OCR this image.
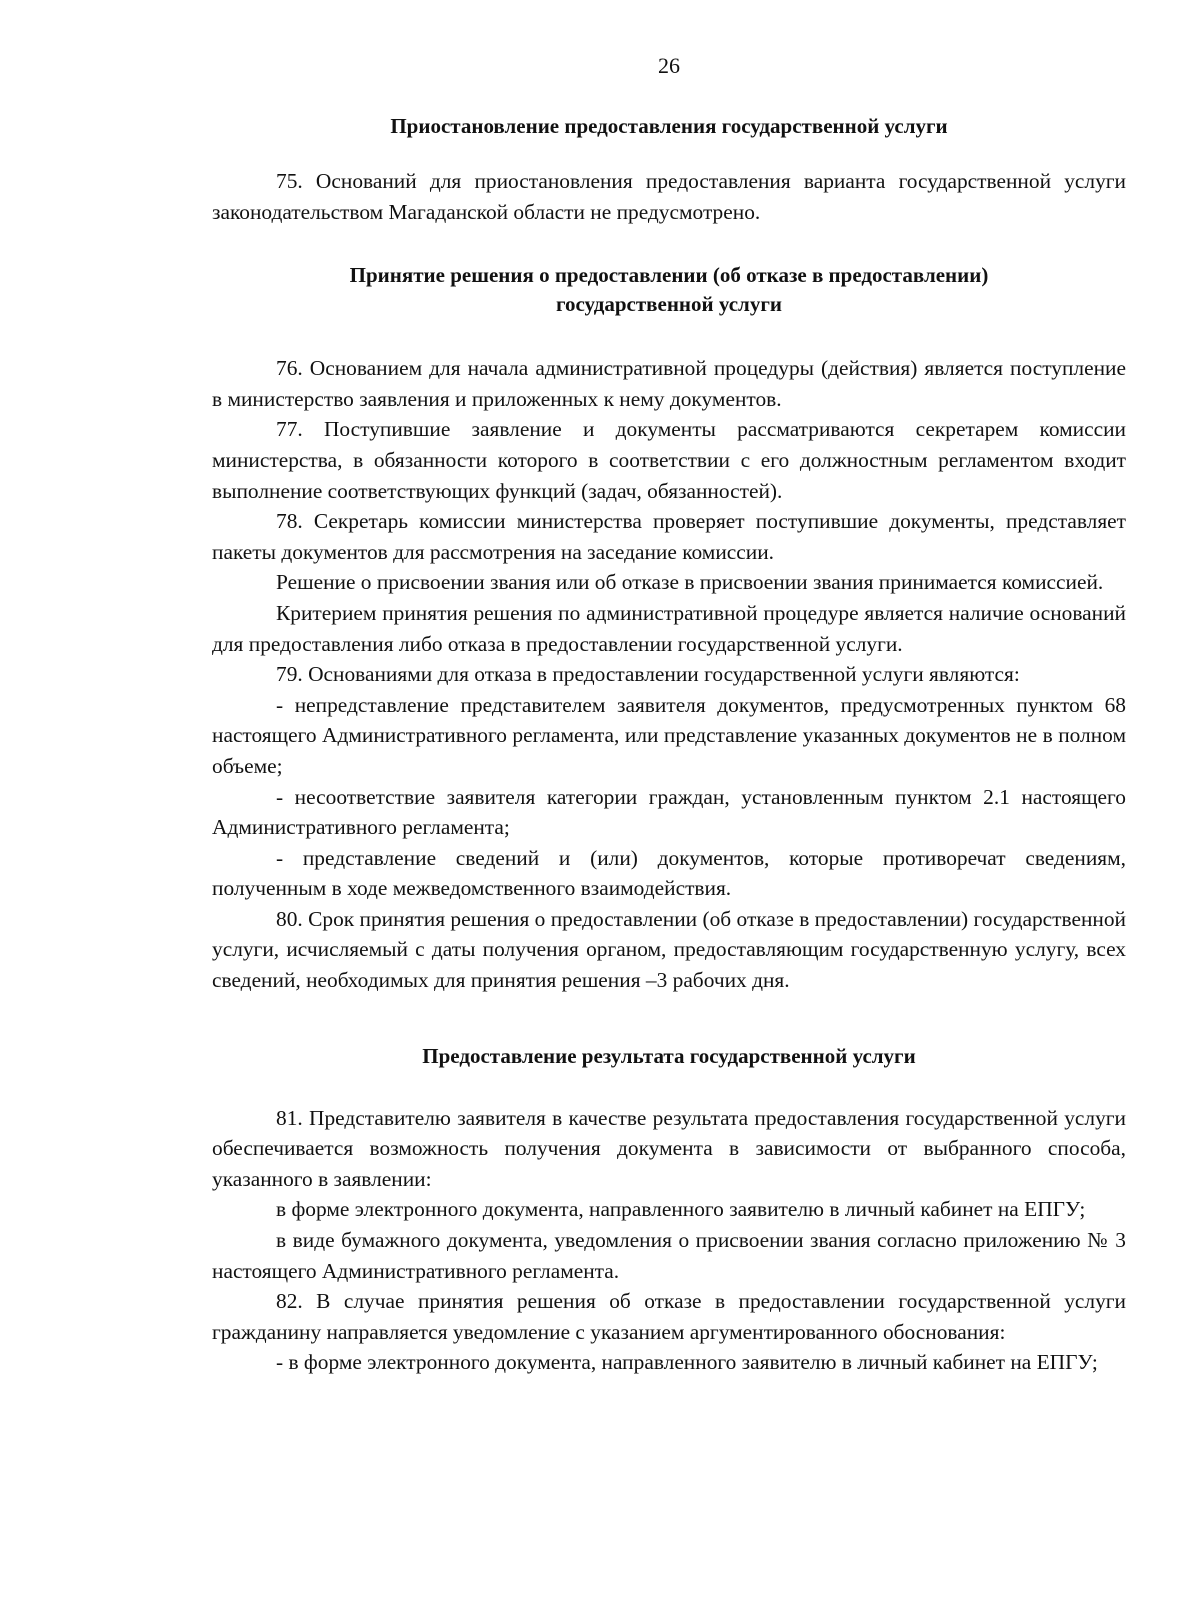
26
Приостановление предоставления государственной услуги

75. Оснований для приостановления предоставления варианта государственной услуги законодательством Магаданской области не предусмотрено.

Принятие решения о предоставлении (об отказе в предоставлении)
государственной услуги

76. Основанием для начала административной процедуры (действия) является поступление в министерство заявления и приложенных к нему документов.

77. Поступившие заявление и документы рассматриваются секретарем комиссии министерства, в обязанности которого в соответствии с его должностным регламентом входит выполнение соответствующих функций (задач, обязанностей).

78. Секретарь комиссии министерства проверяет поступившие документы, представляет пакеты документов для рассмотрения на заседание комиссии.

Решение о присвоении звания или об отказе в присвоении звания принимается комиссией.

Критерием принятия решения по административной процедуре является наличие оснований для предоставления либо отказа в предоставлении государственной услуги.

79. Основаниями для отказа в предоставлении государственной услуги являются:

- непредставление представителем заявителя документов, предусмотренных пунктом 68 настоящего Административного регламента, или представление указанных документов не в полном объеме;

- несоответствие заявителя категории граждан, установленным пунктом 2.1 настоящего Административного регламента;

- представление сведений и (или) документов, которые противоречат сведениям, полученным в ходе межведомственного взаимодействия.

80. Срок принятия решения о предоставлении (об отказе в предоставлении) государственной услуги, исчисляемый с даты получения органом, предоставляющим государственную услугу, всех сведений, необходимых для принятия решения –3 рабочих дня.

Предоставление результата государственной услуги

81. Представителю заявителя в качестве результата предоставления государственной услуги обеспечивается возможность получения документа в зависимости от выбранного способа, указанного в заявлении:

в форме электронного документа, направленного заявителю в личный кабинет на ЕПГУ;

в виде бумажного документа, уведомления о присвоении звания согласно приложению № 3 настоящего Административного регламента.

82. В случае принятия решения об отказе в предоставлении государственной услуги гражданину направляется уведомление с указанием аргументированного обоснования:

- в форме электронного документа, направленного заявителю в личный кабинет на ЕПГУ;
